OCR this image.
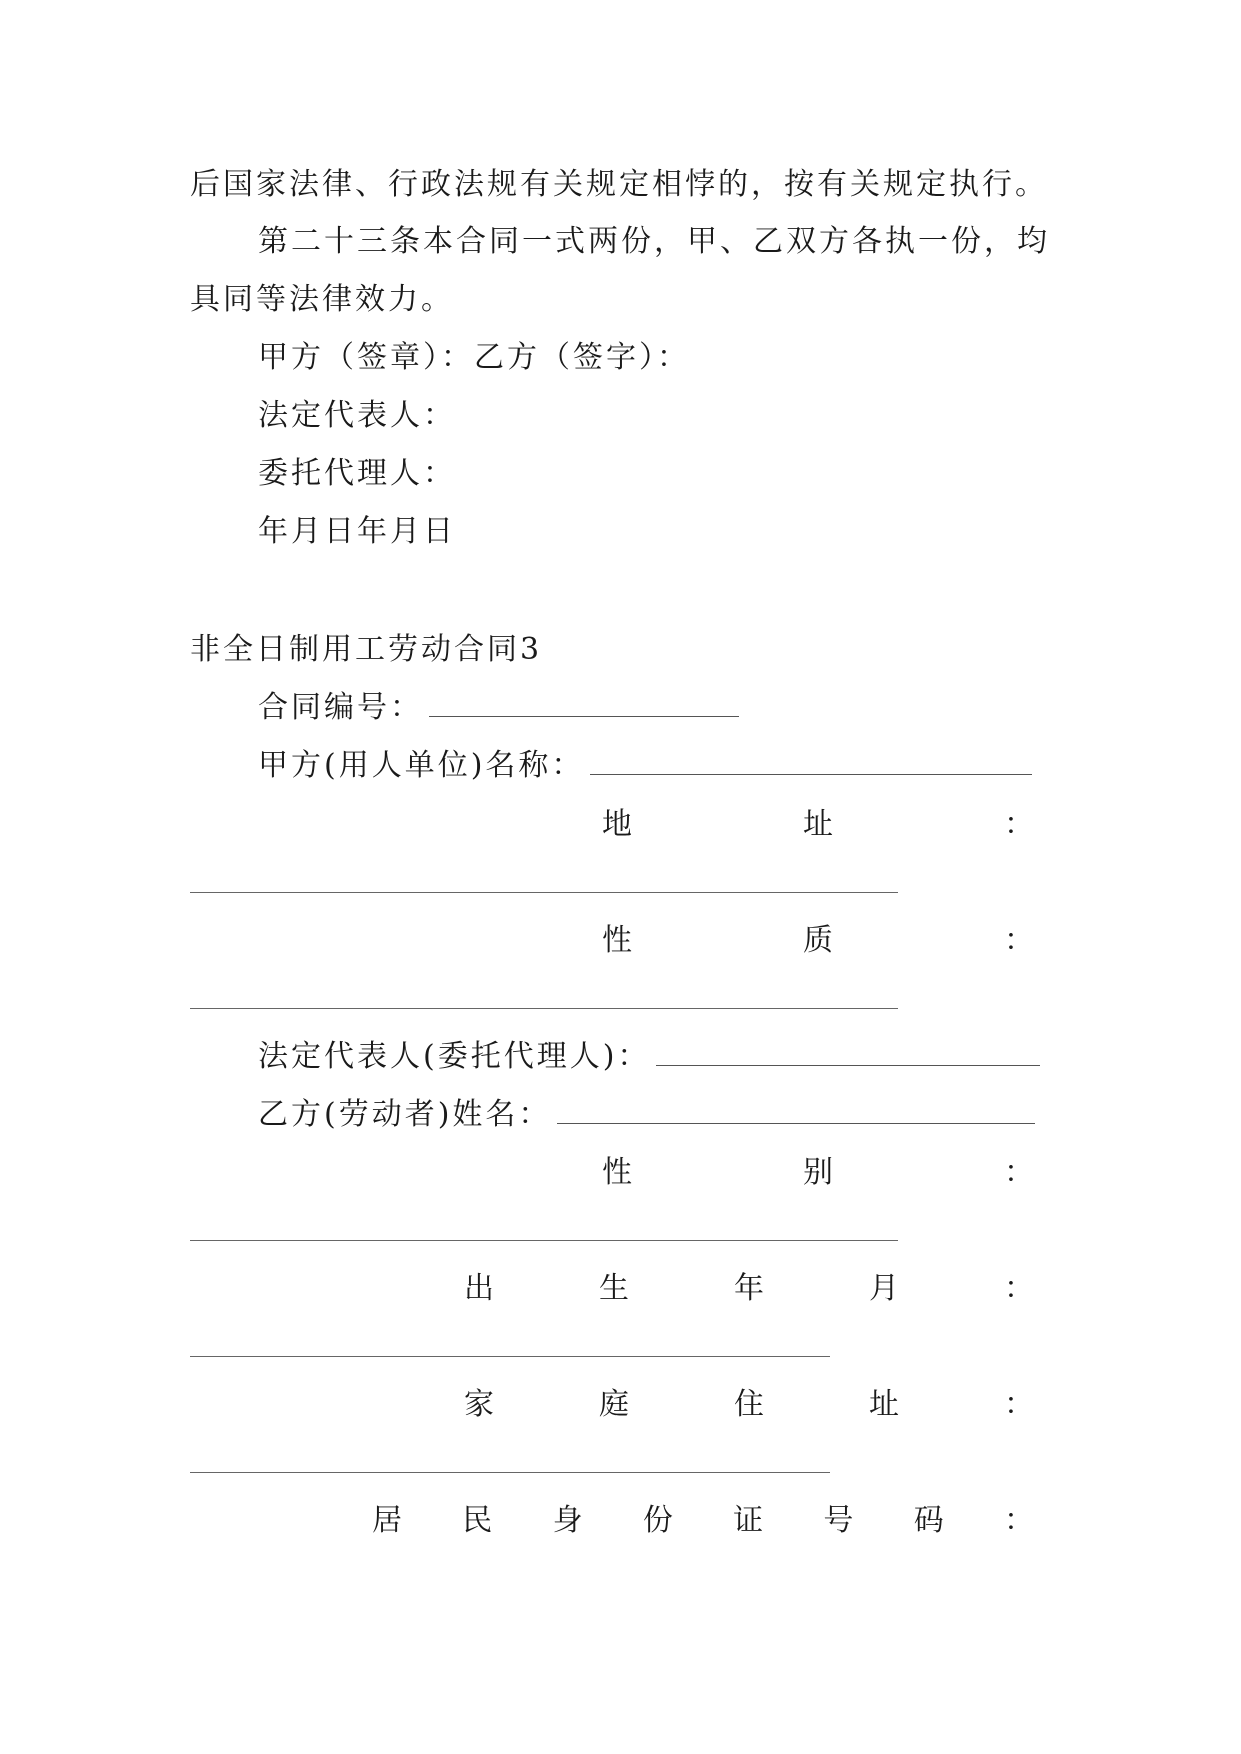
后国家法律、行政法规有关规定相悖的，按有关规定执行。
第二十三条本合同一式两份，甲、乙双方各执一份，均
具同等法律效力。
甲方（签章）：乙方（签字）：
法定代表人：
委托代理人：
年月日年月日
非全日制用工劳动合同3
合同编号：
甲方(用人单位)名称：
地	址	：
性	质	：
法定代表人(委托代理人)：
乙方(劳动者)姓名：
性	别	：
出	生	年	月	：
家	庭	住	址	：
居 民 身 份 证 号 码 ：
